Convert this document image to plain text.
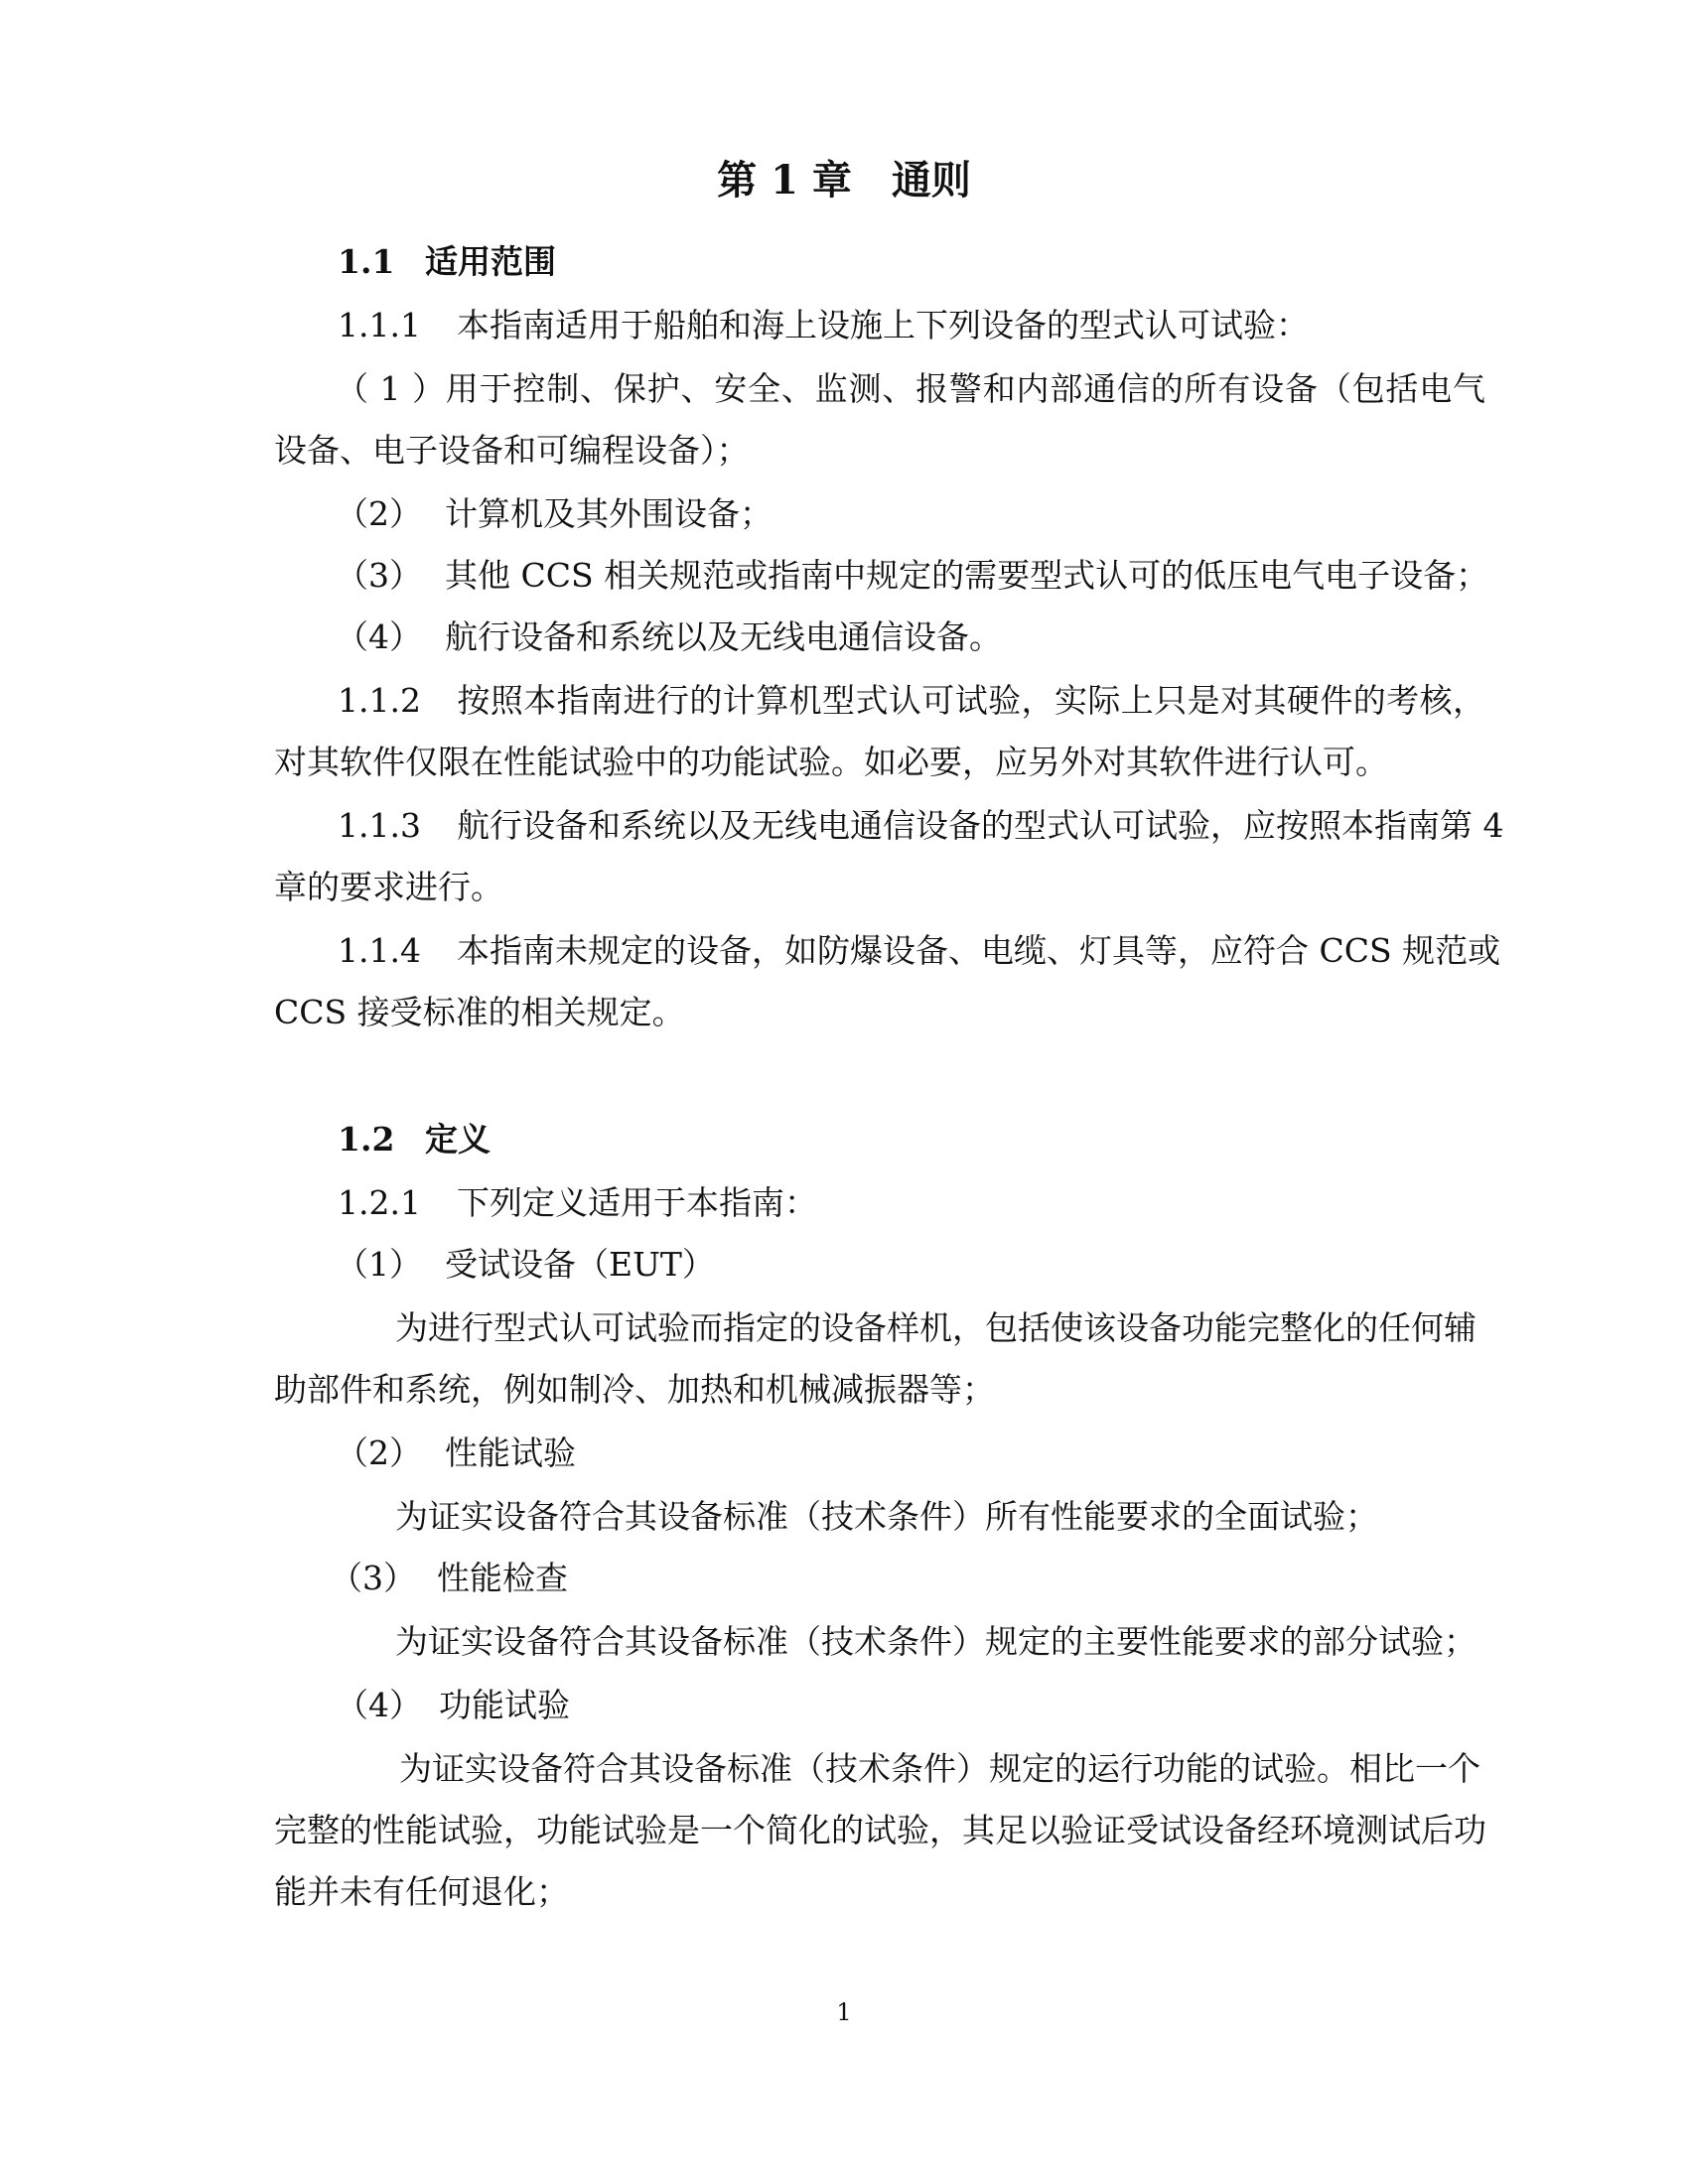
第 1 章 通则
1.1 适用范围
1.1.1 本指南适用于船舶和海上设施上下列设备的型式认可试验：
（1）用于控制、保护、安全、监测、报警和内部通信的所有设备（包括电气
设备、电子设备和可编程设备）；
（2） 计算机及其外围设备；
（3） 其他 CCS 相关规范或指南中规定的需要型式认可的低压电气电子设备；
（4） 航行设备和系统以及无线电通信设备。
1.1.2 按照本指南进行的计算机型式认可试验，实际上只是对其硬件的考核，
对其软件仅限在性能试验中的功能试验。如必要，应另外对其软件进行认可。
1.1.3 航行设备和系统以及无线电通信设备的型式认可试验，应按照本指南第 4
章的要求进行。
1.1.4 本指南未规定的设备，如防爆设备、电缆、灯具等，应符合 CCS 规范或
CCS 接受标准的相关规定。
1.2 定义
1.2.1 下列定义适用于本指南：
（1） 受试设备（EUT）
为进行型式认可试验而指定的设备样机，包括使该设备功能完整化的任何辅
助部件和系统，例如制冷、加热和机械减振器等；
（2） 性能试验
为证实设备符合其设备标准（技术条件）所有性能要求的全面试验；
（3） 性能检查
为证实设备符合其设备标准（技术条件）规定的主要性能要求的部分试验；
（4） 功能试验
为证实设备符合其设备标准（技术条件）规定的运行功能的试验。相比一个
完整的性能试验，功能试验是一个简化的试验，其足以验证受试设备经环境测试后功
能并未有任何退化；
1
